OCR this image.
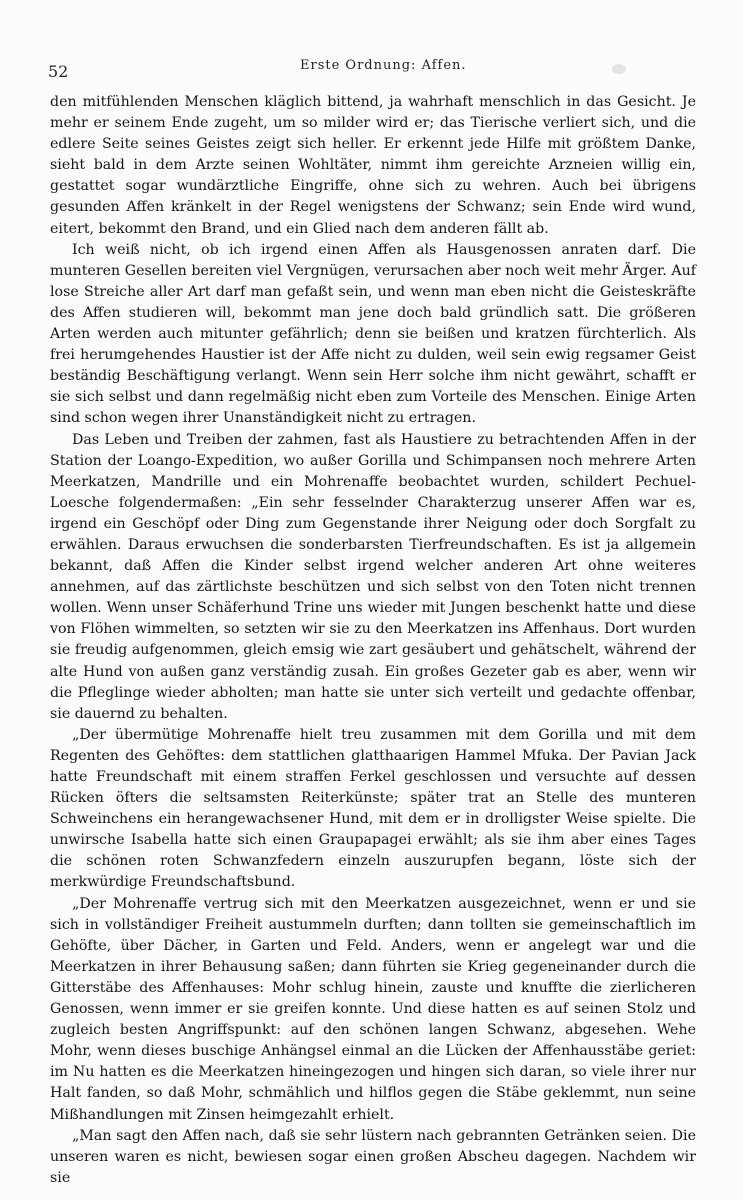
52	Erste Ordnung: Affen.

den mitfühlenden Menschen kläglich bittend, ja wahrhaft menschlich in das Gesicht. Je mehr er seinem Ende zugeht, um so milder wird er; das Tierische verliert sich, und die edlere Seite seines Geistes zeigt sich heller. Er erkennt jede Hilfe mit größtem Danke, sieht bald in dem Arzte seinen Wohltäter, nimmt ihm gereichte Arzneien willig ein, gestattet sogar wundärztliche Eingriffe, ohne sich zu wehren. Auch bei übrigens gesunden Affen kränkelt in der Regel wenigstens der Schwanz; sein Ende wird wund, eitert, bekommt den Brand, und ein Glied nach dem anderen fällt ab.

Ich weiß nicht, ob ich irgend einen Affen als Hausgenossen anraten darf. Die munteren Gesellen bereiten viel Vergnügen, verursachen aber noch weit mehr Ärger. Auf lose Streiche aller Art darf man gefaßt sein, und wenn man eben nicht die Geisteskräfte des Affen studieren will, bekommt man jene doch bald gründlich satt. Die größeren Arten werden auch mitunter gefährlich; denn sie beißen und kratzen fürchterlich. Als frei herumgehendes Haustier ist der Affe nicht zu dulden, weil sein ewig regsamer Geist beständig Beschäftigung verlangt. Wenn sein Herr solche ihm nicht gewährt, schafft er sie sich selbst und dann regelmäßig nicht eben zum Vorteile des Menschen. Einige Arten sind schon wegen ihrer Unanständigkeit nicht zu ertragen.

Das Leben und Treiben der zahmen, fast als Haustiere zu betrachtenden Affen in der Station der Loango-Expedition, wo außer Gorilla und Schimpansen noch mehrere Arten Meerkatzen, Mandrille und ein Mohrenaffe beobachtet wurden, schildert Pechuel-Loesche folgendermaßen: „Ein sehr fesselnder Charakterzug unserer Affen war es, irgend ein Geschöpf oder Ding zum Gegenstande ihrer Neigung oder doch Sorgfalt zu erwählen. Daraus erwuchsen die sonderbarsten Tierfreundschaften. Es ist ja allgemein bekannt, daß Affen die Kinder selbst irgend welcher anderen Art ohne weiteres annehmen, auf das zärtlichste beschützen und sich selbst von den Toten nicht trennen wollen. Wenn unser Schäferhund Trine uns wieder mit Jungen beschenkt hatte und diese von Flöhen wimmelten, so setzten wir sie zu den Meerkatzen ins Affenhaus. Dort wurden sie freudig aufgenommen, gleich emsig wie zart gesäubert und gehätschelt, während der alte Hund von außen ganz verständig zusah. Ein großes Gezeter gab es aber, wenn wir die Pfleglinge wieder abholten; man hatte sie unter sich verteilt und gedachte offenbar, sie dauernd zu behalten.

„Der übermütige Mohrenaffe hielt treu zusammen mit dem Gorilla und mit dem Regenten des Gehöftes: dem stattlichen glatthaarigen Hammel Mfuka. Der Pavian Jack hatte Freundschaft mit einem straffen Ferkel geschlossen und versuchte auf dessen Rücken öfters die seltsamsten Reiterkünste; später trat an Stelle des munteren Schweinchens ein herangewachsener Hund, mit dem er in drolligster Weise spielte. Die unwirsche Isabella hatte sich einen Graupapagei erwählt; als sie ihm aber eines Tages die schönen roten Schwanzfedern einzeln auszurupfen begann, löste sich der merkwürdige Freundschaftsbund.

„Der Mohrenaffe vertrug sich mit den Meerkatzen ausgezeichnet, wenn er und sie sich in vollständiger Freiheit austummeln durften; dann tollten sie gemeinschaftlich im Gehöfte, über Dächer, in Garten und Feld. Anders, wenn er angelegt war und die Meerkatzen in ihrer Behausung saßen; dann führten sie Krieg gegeneinander durch die Gitterstäbe des Affenhauses: Mohr schlug hinein, zauste und knuffte die zierlicheren Genossen, wenn immer er sie greifen konnte. Und diese hatten es auf seinen Stolz und zugleich besten Angriffspunkt: auf den schönen langen Schwanz, abgesehen. Wehe Mohr, wenn dieses buschige Anhängsel einmal an die Lücken der Affenhausstäbe geriet: im Nu hatten es die Meerkatzen hineingezogen und hingen sich daran, so viele ihrer nur Halt fanden, so daß Mohr, schmählich und hilflos gegen die Stäbe geklemmt, nun seine Mißhandlungen mit Zinsen heimgezahlt erhielt.

„Man sagt den Affen nach, daß sie sehr lüstern nach gebrannten Getränken seien. Die unseren waren es nicht, bewiesen sogar einen großen Abscheu dagegen. Nachdem wir sie
